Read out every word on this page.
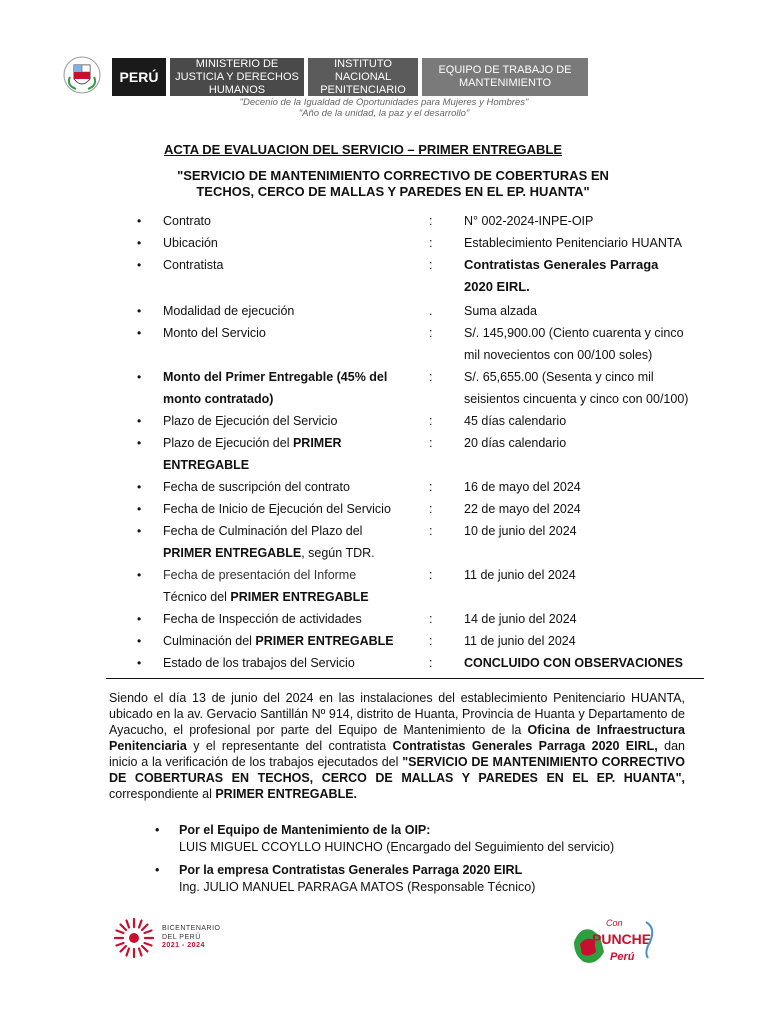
PERÚ
MINISTERIO DE JUSTICIA Y DERECHOS HUMANOS
INSTITUTO NACIONAL PENITENCIARIO
EQUIPO DE TRABAJO DE MANTENIMIENTO
"Decenio de la Igualdad de Oportunidades para Mujeres y Hombres"
"Año de la unidad, la paz y el desarrollo"
ACTA DE EVALUACION DEL SERVICIO – PRIMER ENTREGABLE
"SERVICIO DE MANTENIMIENTO CORRECTIVO DE COBERTURAS EN TECHOS, CERCO DE MALLAS Y PAREDES EN EL EP. HUANTA"
• Contrato	:	N° 002-2024-INPE-OIP
• Ubicación	:	Establecimiento Penitenciario HUANTA
• Contratista	:	Contratistas Generales Parraga
2020 EIRL.
• Modalidad de ejecución	.	Suma alzada
• Monto del Servicio	:	S/. 145,900.00 (Ciento cuarenta y cinco
mil novecientos con 00/100 soles)
• Monto del Primer Entregable (45% del
monto contratado)
:	S/. 65,655.00 (Sesenta y cinco mil
seisientos cincuenta y cinco con 00/100)
• Plazo de Ejecución del Servicio	:	45 días calendario
• Plazo de Ejecución del PRIMER
ENTREGABLE
:	20 días calendario
• Fecha de suscripción del contrato	:	16 de mayo del 2024
• Fecha de Inicio de Ejecución del Servicio	:	22 de mayo del 2024
• Fecha de Culminación del Plazo del
PRIMER ENTREGABLE, según TDR.
:	10 de junio del 2024
• Fecha de presentación del Informe
Técnico del PRIMER ENTREGABLE
:	11 de junio del 2024
• Fecha de Inspección de actividades	:	14 de junio del 2024
• Culminación del PRIMER ENTREGABLE	:	11 de junio del 2024
• Estado de los trabajos del Servicio	:	CONCLUIDO CON OBSERVACIONES
Siendo el día 13 de junio del 2024 en las instalaciones del establecimiento Penitenciario HUANTA, ubicado en la av. Gervacio Santillán Nº 914, distrito de Huanta, Provincia de Huanta y Departamento de Ayacucho, el profesional por parte del Equipo de Mantenimiento de la Oficina de Infraestructura Penitenciaria y el representante del contratista Contratistas Generales Parraga 2020 EIRL, dan inicio a la verificación de los trabajos ejecutados del "SERVICIO DE MANTENIMIENTO CORRECTIVO DE COBERTURAS EN TECHOS, CERCO DE MALLAS Y PAREDES EN EL EP. HUANTA", correspondiente al PRIMER ENTREGABLE.
• Por el Equipo de Mantenimiento de la OIP:
LUIS MIGUEL CCOYLLO HUINCHO (Encargado del Seguimiento del servicio)
• Por la empresa Contratistas Generales Parraga 2020 EIRL
Ing. JULIO MANUEL PARRAGA MATOS (Responsable Técnico)
BICENTENARIO
DEL PERÚ
2021 - 2024
Con
PUNCHE
Perú
